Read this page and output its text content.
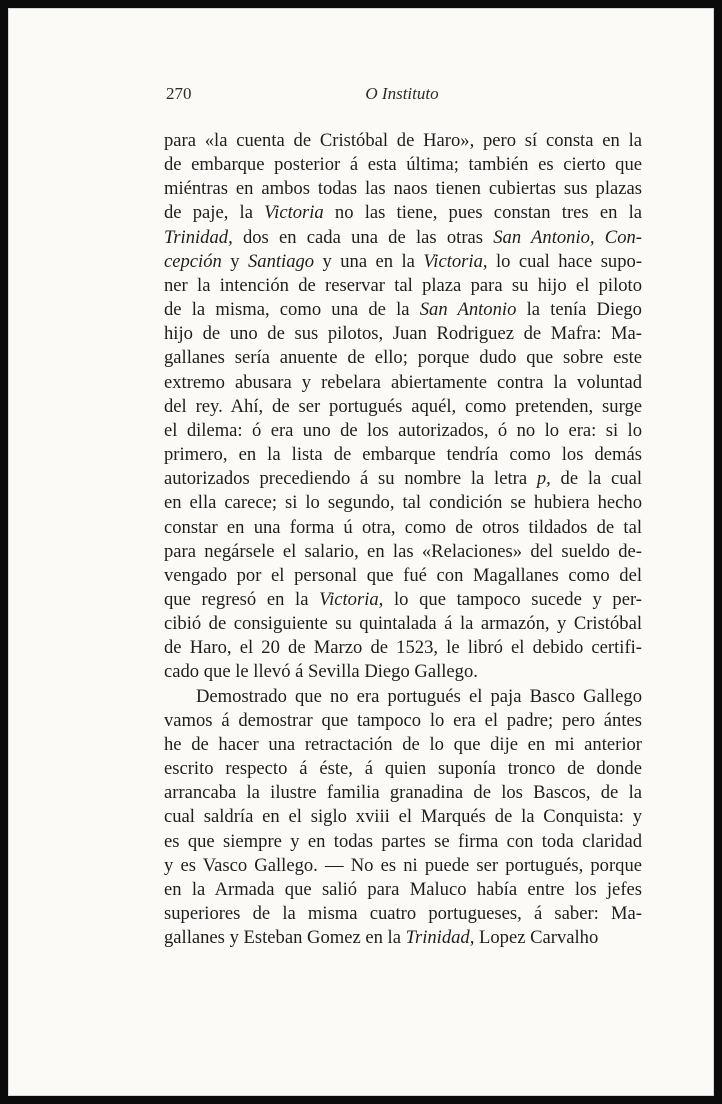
270	O Instituto

para «la cuenta de Cristóbal de Haro», pero sí consta en la
de embarque posterior á esta última; también es cierto que
miéntras en ambos todas las naos tienen cubiertas sus plazas
de paje, la Victoria no las tiene, pues constan tres en la
Trinidad, dos en cada una de las otras San Antonio, Con-
cepción y Santiago y una en la Victoria, lo cual hace supo-
ner la intención de reservar tal plaza para su hijo el piloto
de la misma, como una de la San Antonio la tenía Diego
hijo de uno de sus pilotos, Juan Rodriguez de Mafra: Ma-
gallanes sería anuente de ello; porque dudo que sobre este
extremo abusara y rebelara abiertamente contra la voluntad
del rey. Ahí, de ser portugués aquél, como pretenden, surge
el dilema: ó era uno de los autorizados, ó no lo era: si lo
primero, en la lista de embarque tendría como los demás
autorizados precediendo á su nombre la letra p, de la cual
en ella carece; si lo segundo, tal condición se hubiera hecho
constar en una forma ú otra, como de otros tildados de tal
para negársele el salario, en las «Relaciones» del sueldo de-
vengado por el personal que fué con Magallanes como del
que regresó en la Victoria, lo que tampoco sucede y per-
cibió de consiguiente su quintalada á la armazón, y Cristóbal
de Haro, el 20 de Marzo de 1523, le libró el debido certifi-
cado que le llevó á Sevilla Diego Gallego.

Demostrado que no era portugués el paja Basco Gallego
vamos á demostrar que tampoco lo era el padre; pero ántes
he de hacer una retractación de lo que dije en mi anterior
escrito respecto á éste, á quien suponía tronco de donde
arrancaba la ilustre familia granadina de los Bascos, de la
cual saldría en el siglo xviii el Marqués de la Conquista: y
es que siempre y en todas partes se firma con toda claridad
y es Vasco Gallego. — No es ni puede ser portugués, porque
en la Armada que salió para Maluco había entre los jefes
superiores de la misma cuatro portugueses, á saber: Ma-
gallanes y Esteban Gomez en la Trinidad, Lopez Carvalho
